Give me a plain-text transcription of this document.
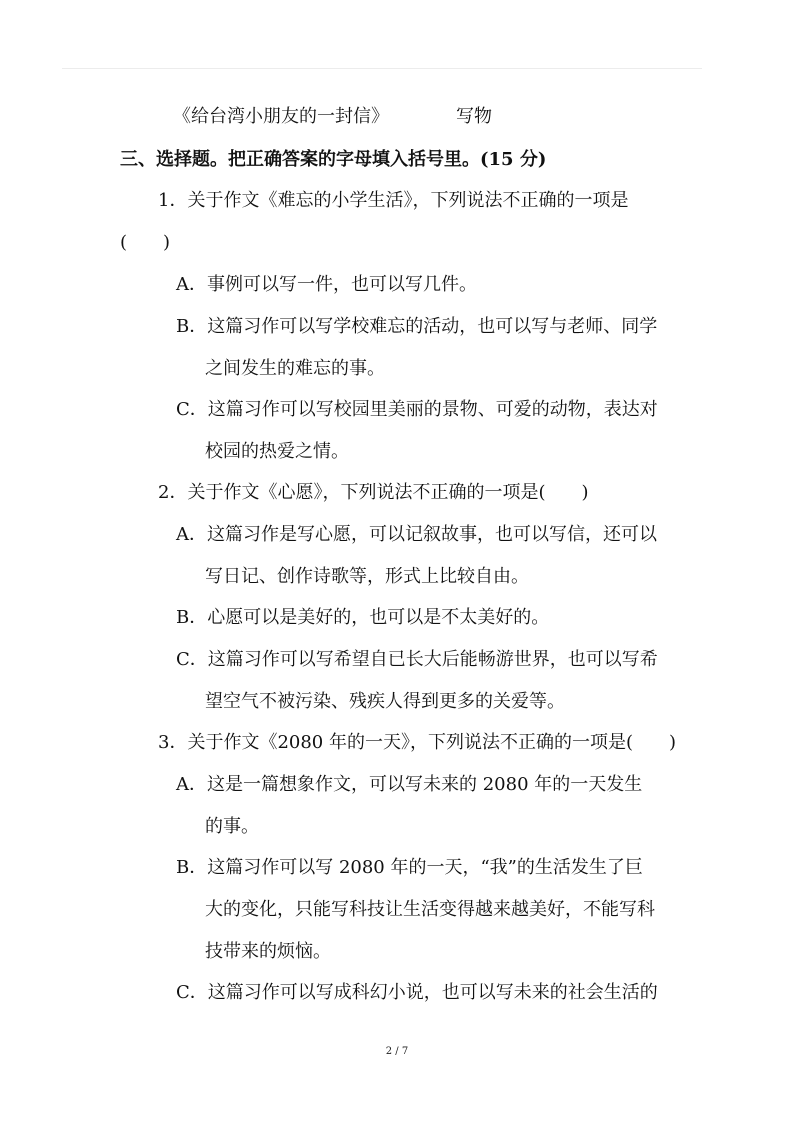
《给台湾小朋友的一封信》	写物
三、选择题。把正确答案的字母填入括号里。(15 分)
1．关于作文《难忘的小学生活》，下列说法不正确的一项是
(　　)
A．事例可以写一件，也可以写几件。
B．这篇习作可以写学校难忘的活动，也可以写与老师、同学
之间发生的难忘的事。
C．这篇习作可以写校园里美丽的景物、可爱的动物，表达对
校园的热爱之情。
2．关于作文《心愿》，下列说法不正确的一项是(　　)
A．这篇习作是写心愿，可以记叙故事，也可以写信，还可以
写日记、创作诗歌等，形式上比较自由。
B．心愿可以是美好的，也可以是不太美好的。
C．这篇习作可以写希望自已长大后能畅游世界，也可以写希
望空气不被污染、残疾人得到更多的关爱等。
3．关于作文《2080 年的一天》，下列说法不正确的一项是(　　)
A．这是一篇想象作文，可以写未来的 2080 年的一天发生
的事。
B．这篇习作可以写 2080 年的一天，“我”的生活发生了巨
大的变化，只能写科技让生活变得越来越美好，不能写科
技带来的烦恼。
C．这篇习作可以写成科幻小说，也可以写未来的社会生活的
2 / 7
